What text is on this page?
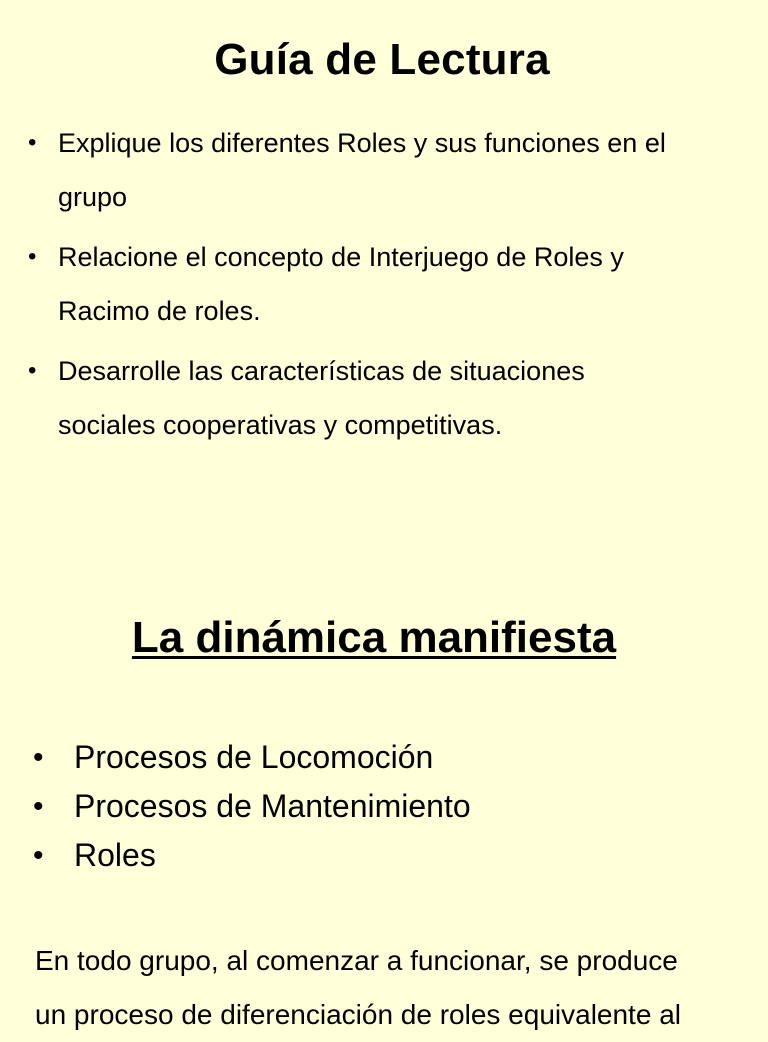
Guía de Lectura
• Explique los diferentes Roles y sus funciones en el
grupo
• Relacione el concepto de Interjuego de Roles y
Racimo de roles.
• Desarrolle las características de situaciones
sociales cooperativas y competitivas.
La dinámica manifiesta
• Procesos de Locomoción
• Procesos de Mantenimiento
• Roles

En todo grupo, al comenzar a funcionar, se produce
un proceso de diferenciación de roles equivalente al
